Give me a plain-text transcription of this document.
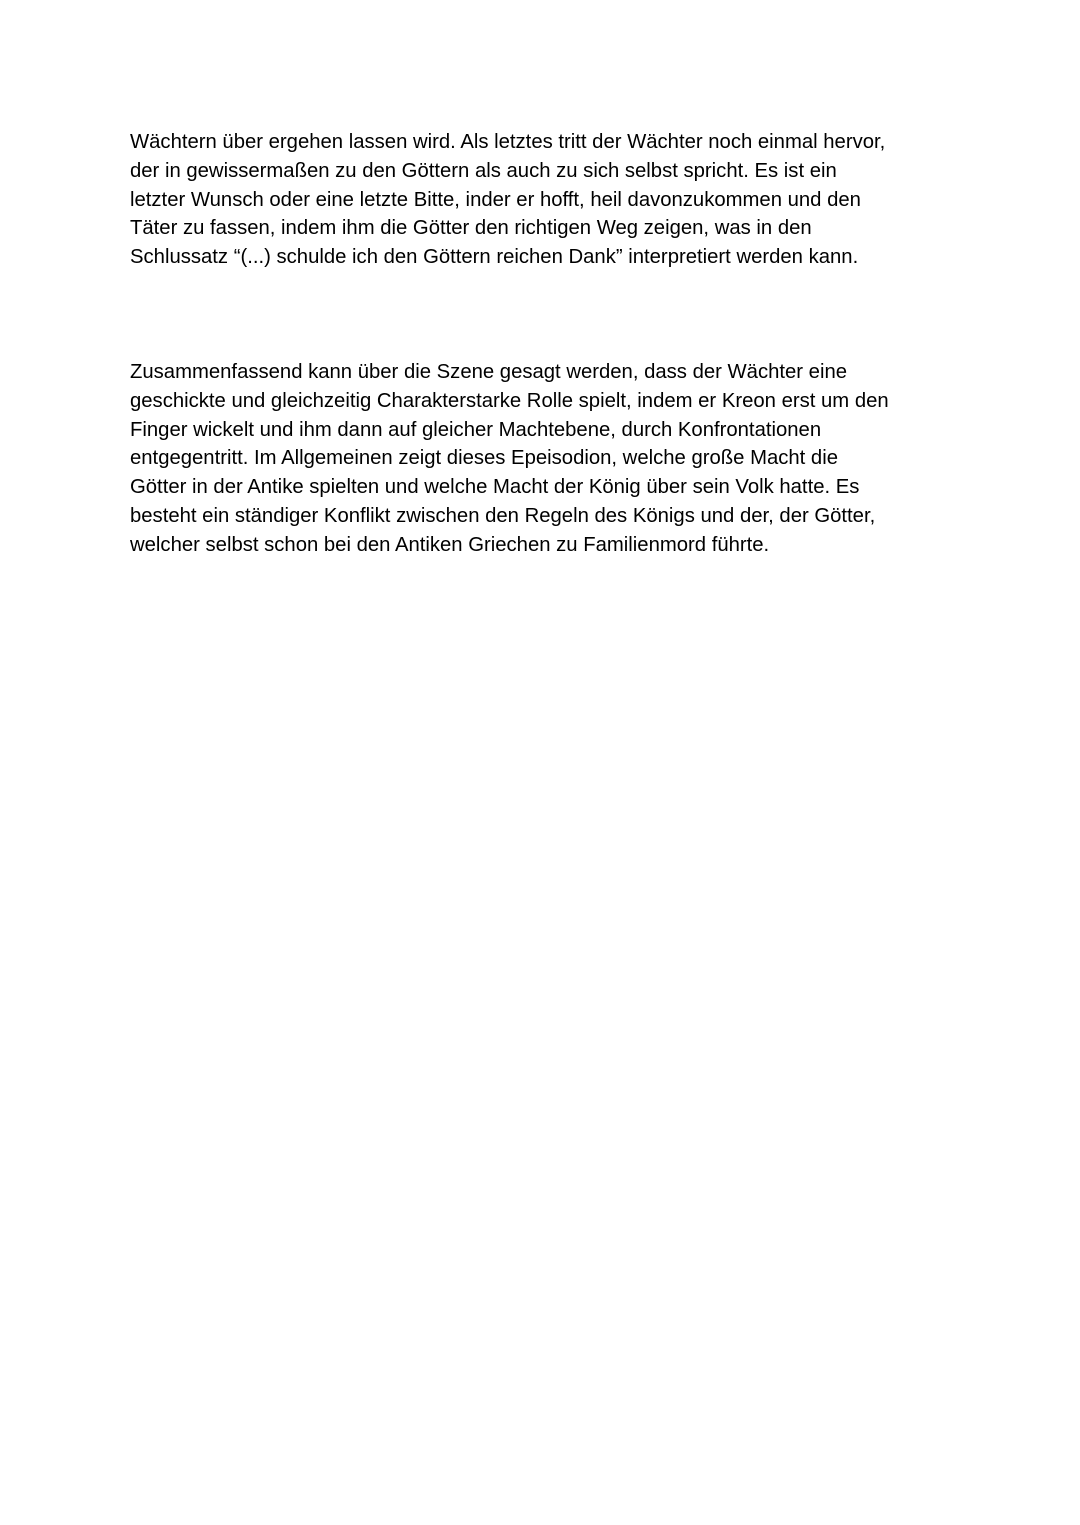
Wächtern über ergehen lassen wird. Als letztes tritt der Wächter noch einmal hervor,
der in gewissermaßen zu den Göttern als auch zu sich selbst spricht. Es ist ein
letzter Wunsch oder eine letzte Bitte, inder er hofft, heil davonzukommen und den
Täter zu fassen, indem ihm die Götter den richtigen Weg zeigen, was in den
Schlussatz “(...) schulde ich den Göttern reichen Dank” interpretiert werden kann.

Zusammenfassend kann über die Szene gesagt werden, dass der Wächter eine
geschickte und gleichzeitig Charakterstarke Rolle spielt, indem er Kreon erst um den
Finger wickelt und ihm dann auf gleicher Machtebene, durch Konfrontationen
entgegentritt. Im Allgemeinen zeigt dieses Epeisodion, welche große Macht die
Götter in der Antike spielten und welche Macht der König über sein Volk hatte. Es
besteht ein ständiger Konflikt zwischen den Regeln des Königs und der, der Götter,
welcher selbst schon bei den Antiken Griechen zu Familienmord führte.
